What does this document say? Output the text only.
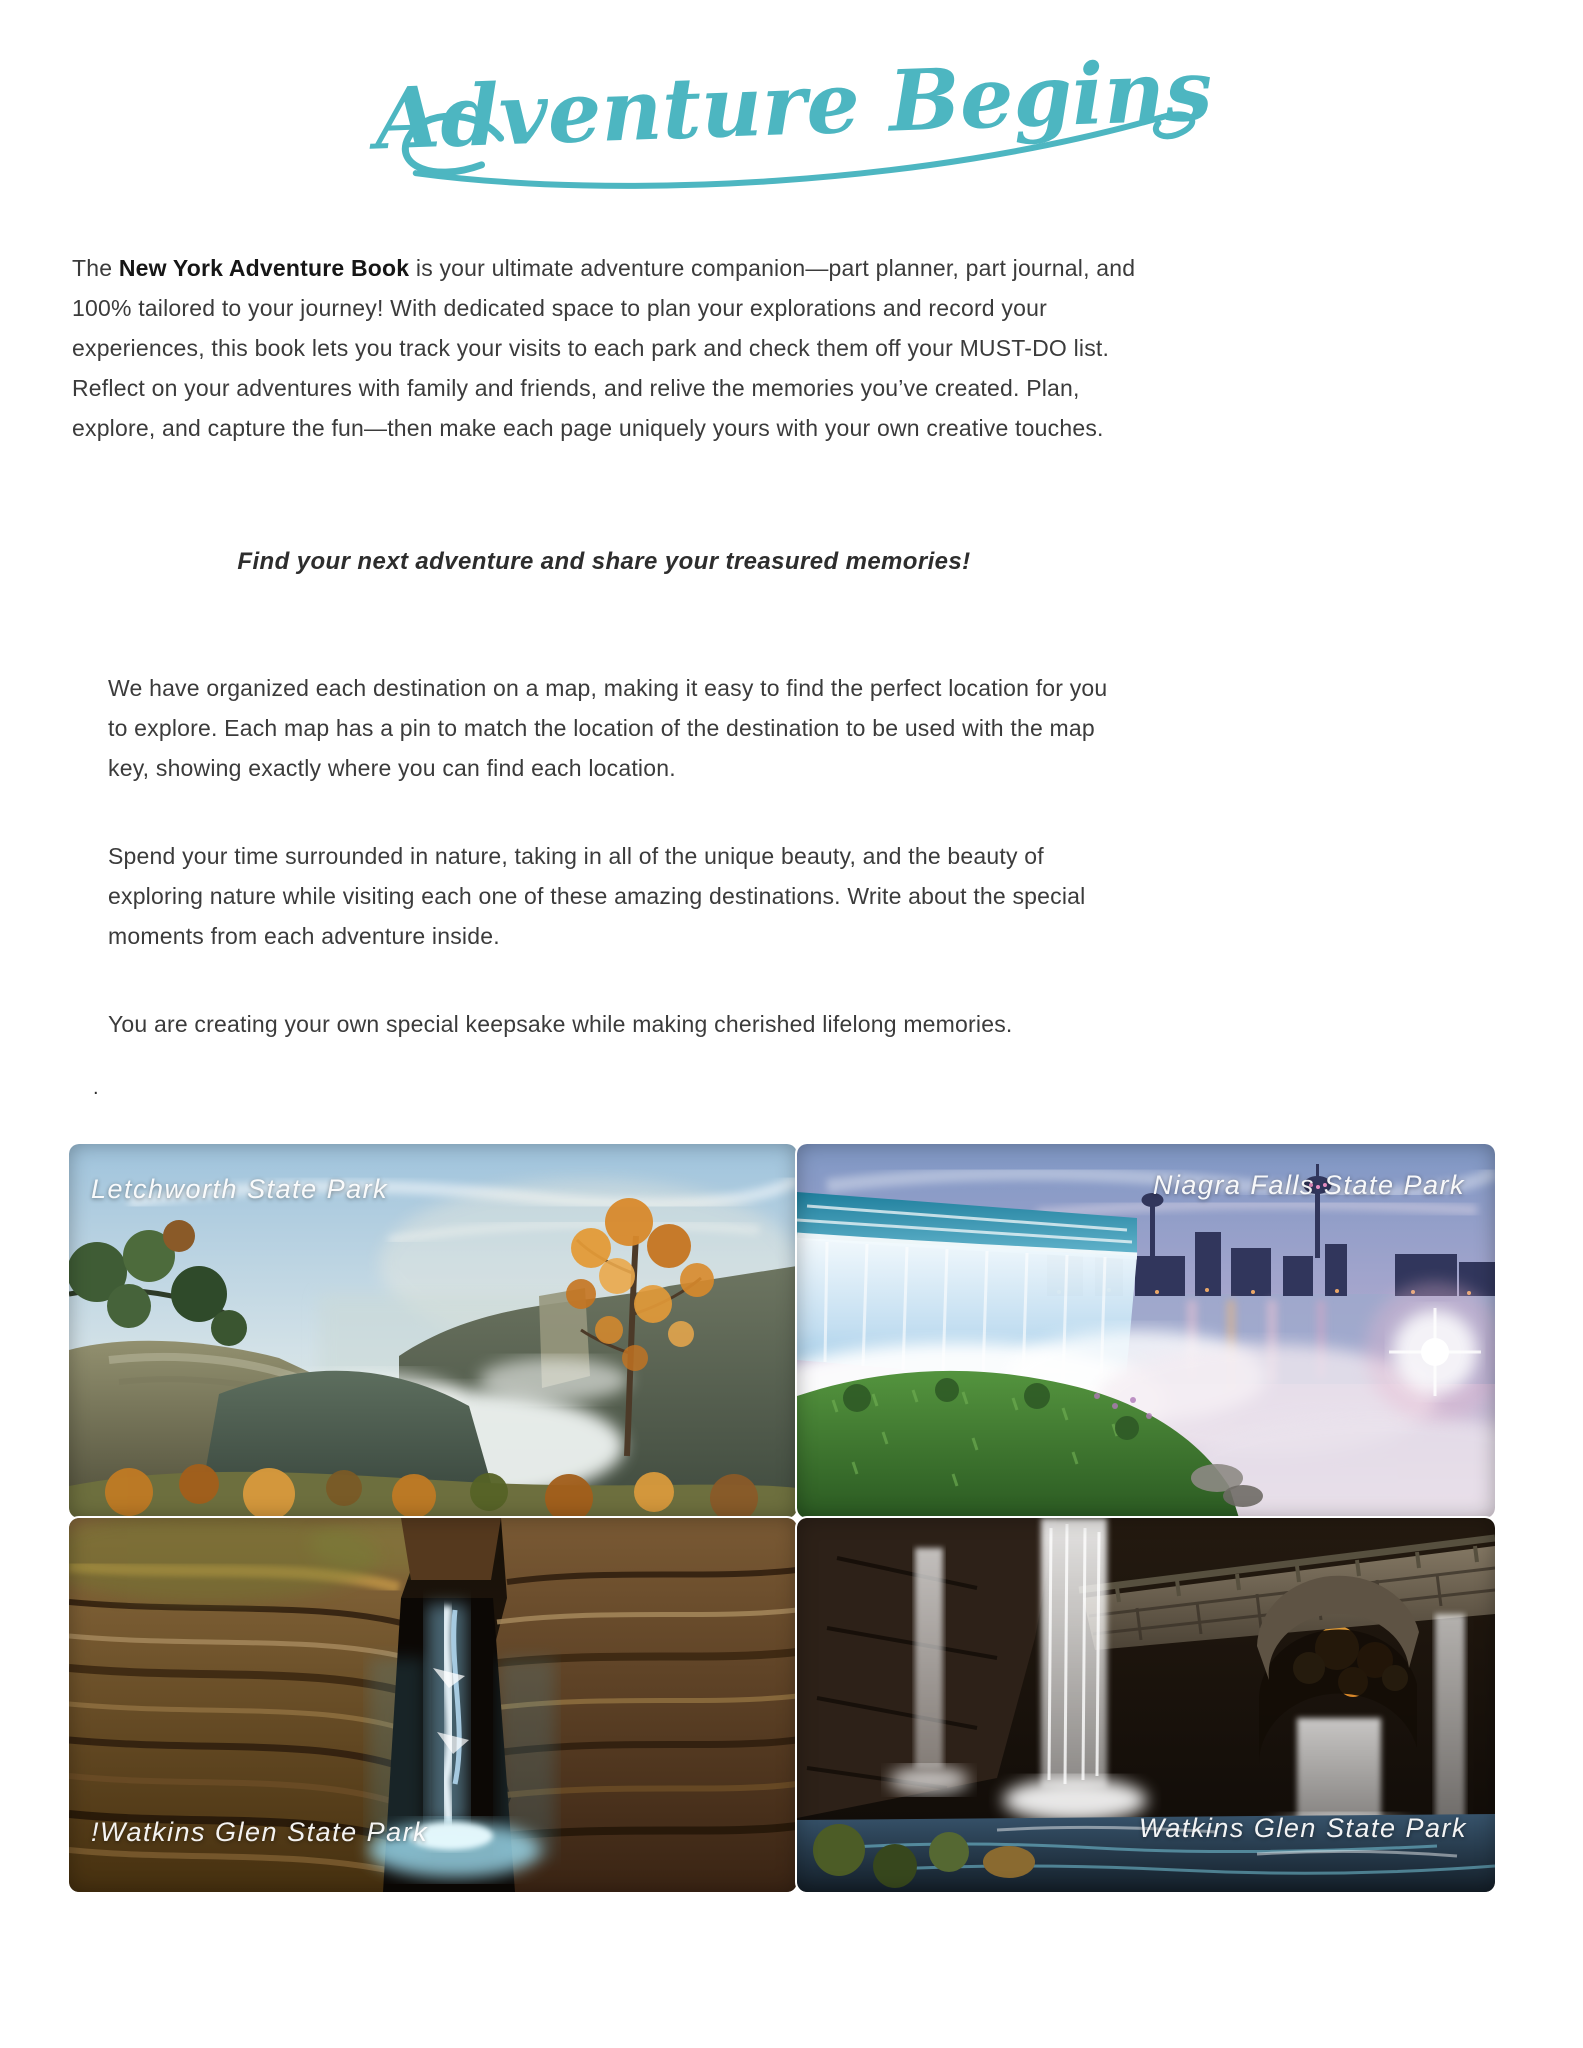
Adventure Begins

The New York Adventure Book is your ultimate adventure companion—part planner, part journal, and 100% tailored to your journey! With dedicated space to plan your explorations and record your experiences, this book lets you track your visits to each park and check them off your MUST-DO list. Reflect on your adventures with family and friends, and relive the memories you’ve created. Plan, explore, and capture the fun—then make each page uniquely yours with your own creative touches.

Find your next adventure and share your treasured memories!

We have organized each destination on a map, making it easy to find the perfect location for you to explore. Each map has a pin to match the location of the destination to be used with the map key, showing exactly where you can find each location.

Spend your time surrounded in nature, taking in all of the unique beauty, and the beauty of exploring nature while visiting each one of these amazing destinations. Write about the special moments from each adventure inside.

You are creating your own special keepsake while making cherished lifelong memories.

.

Letchworth State Park	Niagra Falls State Park
!Watkins Glen State Park	Watkins Glen State Park
